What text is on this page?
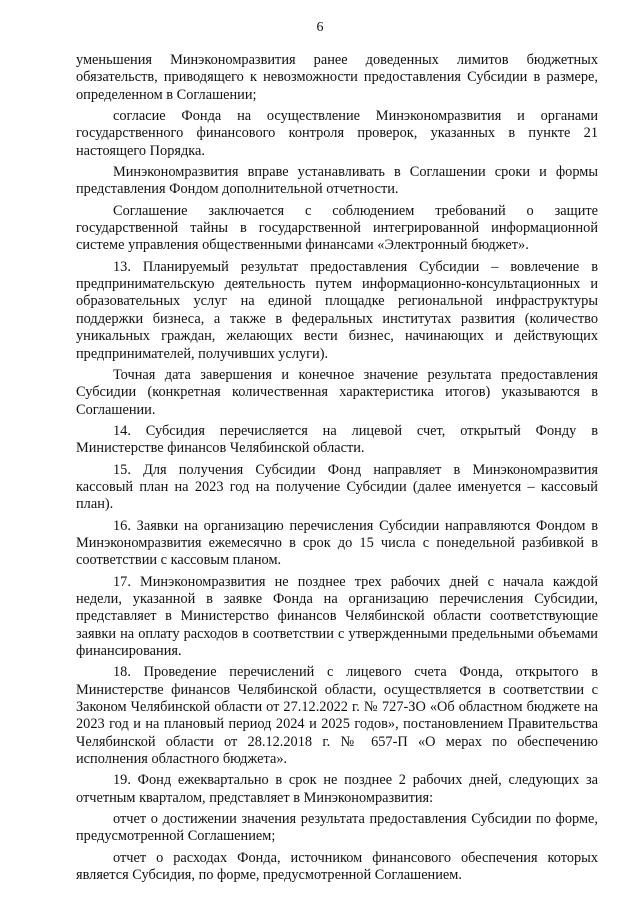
6

уменьшения Минэкономразвития ранее доведенных лимитов бюджетных обязательств, приводящего к невозможности предоставления Субсидии в размере, определенном в Соглашении;

согласие Фонда на осуществление Минэкономразвития и органами государственного финансового контроля проверок, указанных в пункте 21 настоящего Порядка.

Минэкономразвития вправе устанавливать в Соглашении сроки и формы представления Фондом дополнительной отчетности.

Соглашение заключается с соблюдением требований о защите государственной тайны в государственной интегрированной информационной системе управления общественными финансами «Электронный бюджет».

13. Планируемый результат предоставления Субсидии – вовлечение в предпринимательскую деятельность путем информационно-консультационных и образовательных услуг на единой площадке региональной инфраструктуры поддержки бизнеса, а также в федеральных институтах развития (количество уникальных граждан, желающих вести бизнес, начинающих и действующих предпринимателей, получивших услуги).

Точная дата завершения и конечное значение результата предоставления Субсидии (конкретная количественная характеристика итогов) указываются в Соглашении.

14. Субсидия перечисляется на лицевой счет, открытый Фонду в Министерстве финансов Челябинской области.

15. Для получения Субсидии Фонд направляет в Минэкономразвития кассовый план на 2023 год на получение Субсидии (далее именуется – кассовый план).

16. Заявки на организацию перечисления Субсидии направляются Фондом в Минэкономразвития ежемесячно в срок до 15 числа с понедельной разбивкой в соответствии с кассовым планом.

17. Минэкономразвития не позднее трех рабочих дней с начала каждой недели, указанной в заявке Фонда на организацию перечисления Субсидии, представляет в Министерство финансов Челябинской области соответствующие заявки на оплату расходов в соответствии с утвержденными предельными объемами финансирования.

18. Проведение перечислений с лицевого счета Фонда, открытого в Министерстве финансов Челябинской области, осуществляется в соответствии с Законом Челябинской области от 27.12.2022 г. № 727-ЗО «Об областном бюджете на 2023 год и на плановый период 2024 и 2025 годов», постановлением Правительства Челябинской области от 28.12.2018 г. № 657-П «О мерах по обеспечению исполнения областного бюджета».

19. Фонд ежеквартально в срок не позднее 2 рабочих дней, следующих за отчетным кварталом, представляет в Минэкономразвития:

отчет о достижении значения результата предоставления Субсидии по форме, предусмотренной Соглашением;

отчет о расходах Фонда, источником финансового обеспечения которых является Субсидия, по форме, предусмотренной Соглашением.
